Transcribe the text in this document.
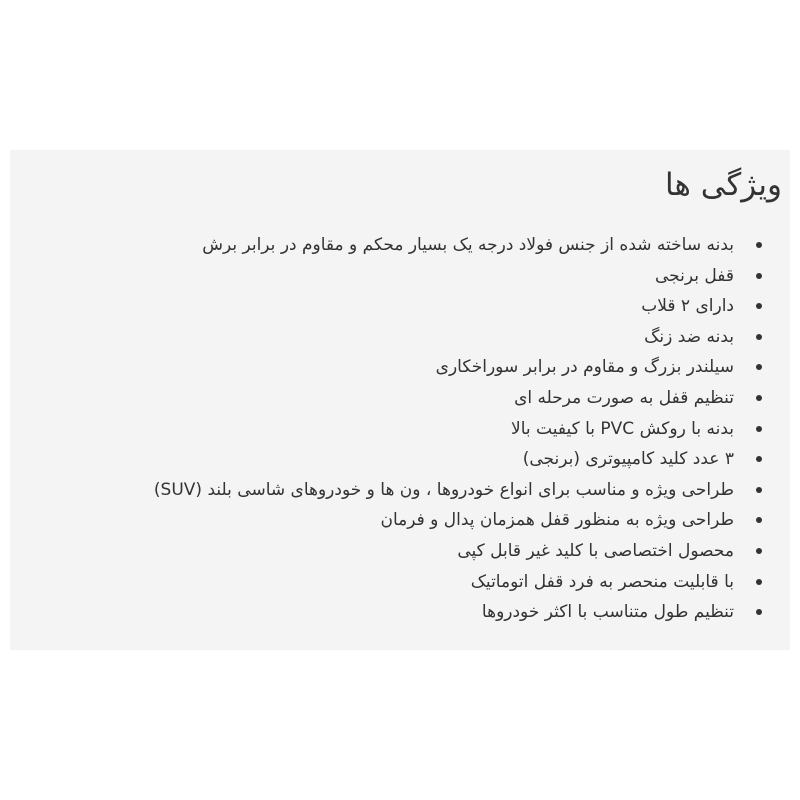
ویژگی ها
بدنه ساخته شده از جنس فولاد درجه یک بسیار محکم و مقاوم در برابر برش
قفل برنجی
دارای ۲ قلاب
بدنه ضد زنگ
سیلندر بزرگ و مقاوم در برابر سوراخکاری
تنظیم قفل به صورت مرحله ای
بدنه با روکش PVC با کیفیت بالا
۳ عدد کلید کامپیوتری (برنجی)
طراحی ویژه و مناسب برای انواع خودروها ، ون ها و خودروهای شاسی بلند (SUV)
طراحی ویژه به منظور قفل همزمان پدال و فرمان
محصول اختصاصی با کلید غیر قابل کپی
با قابلیت منحصر به فرد قفل اتوماتیک
تنظیم طول متناسب با اکثر خودروها
